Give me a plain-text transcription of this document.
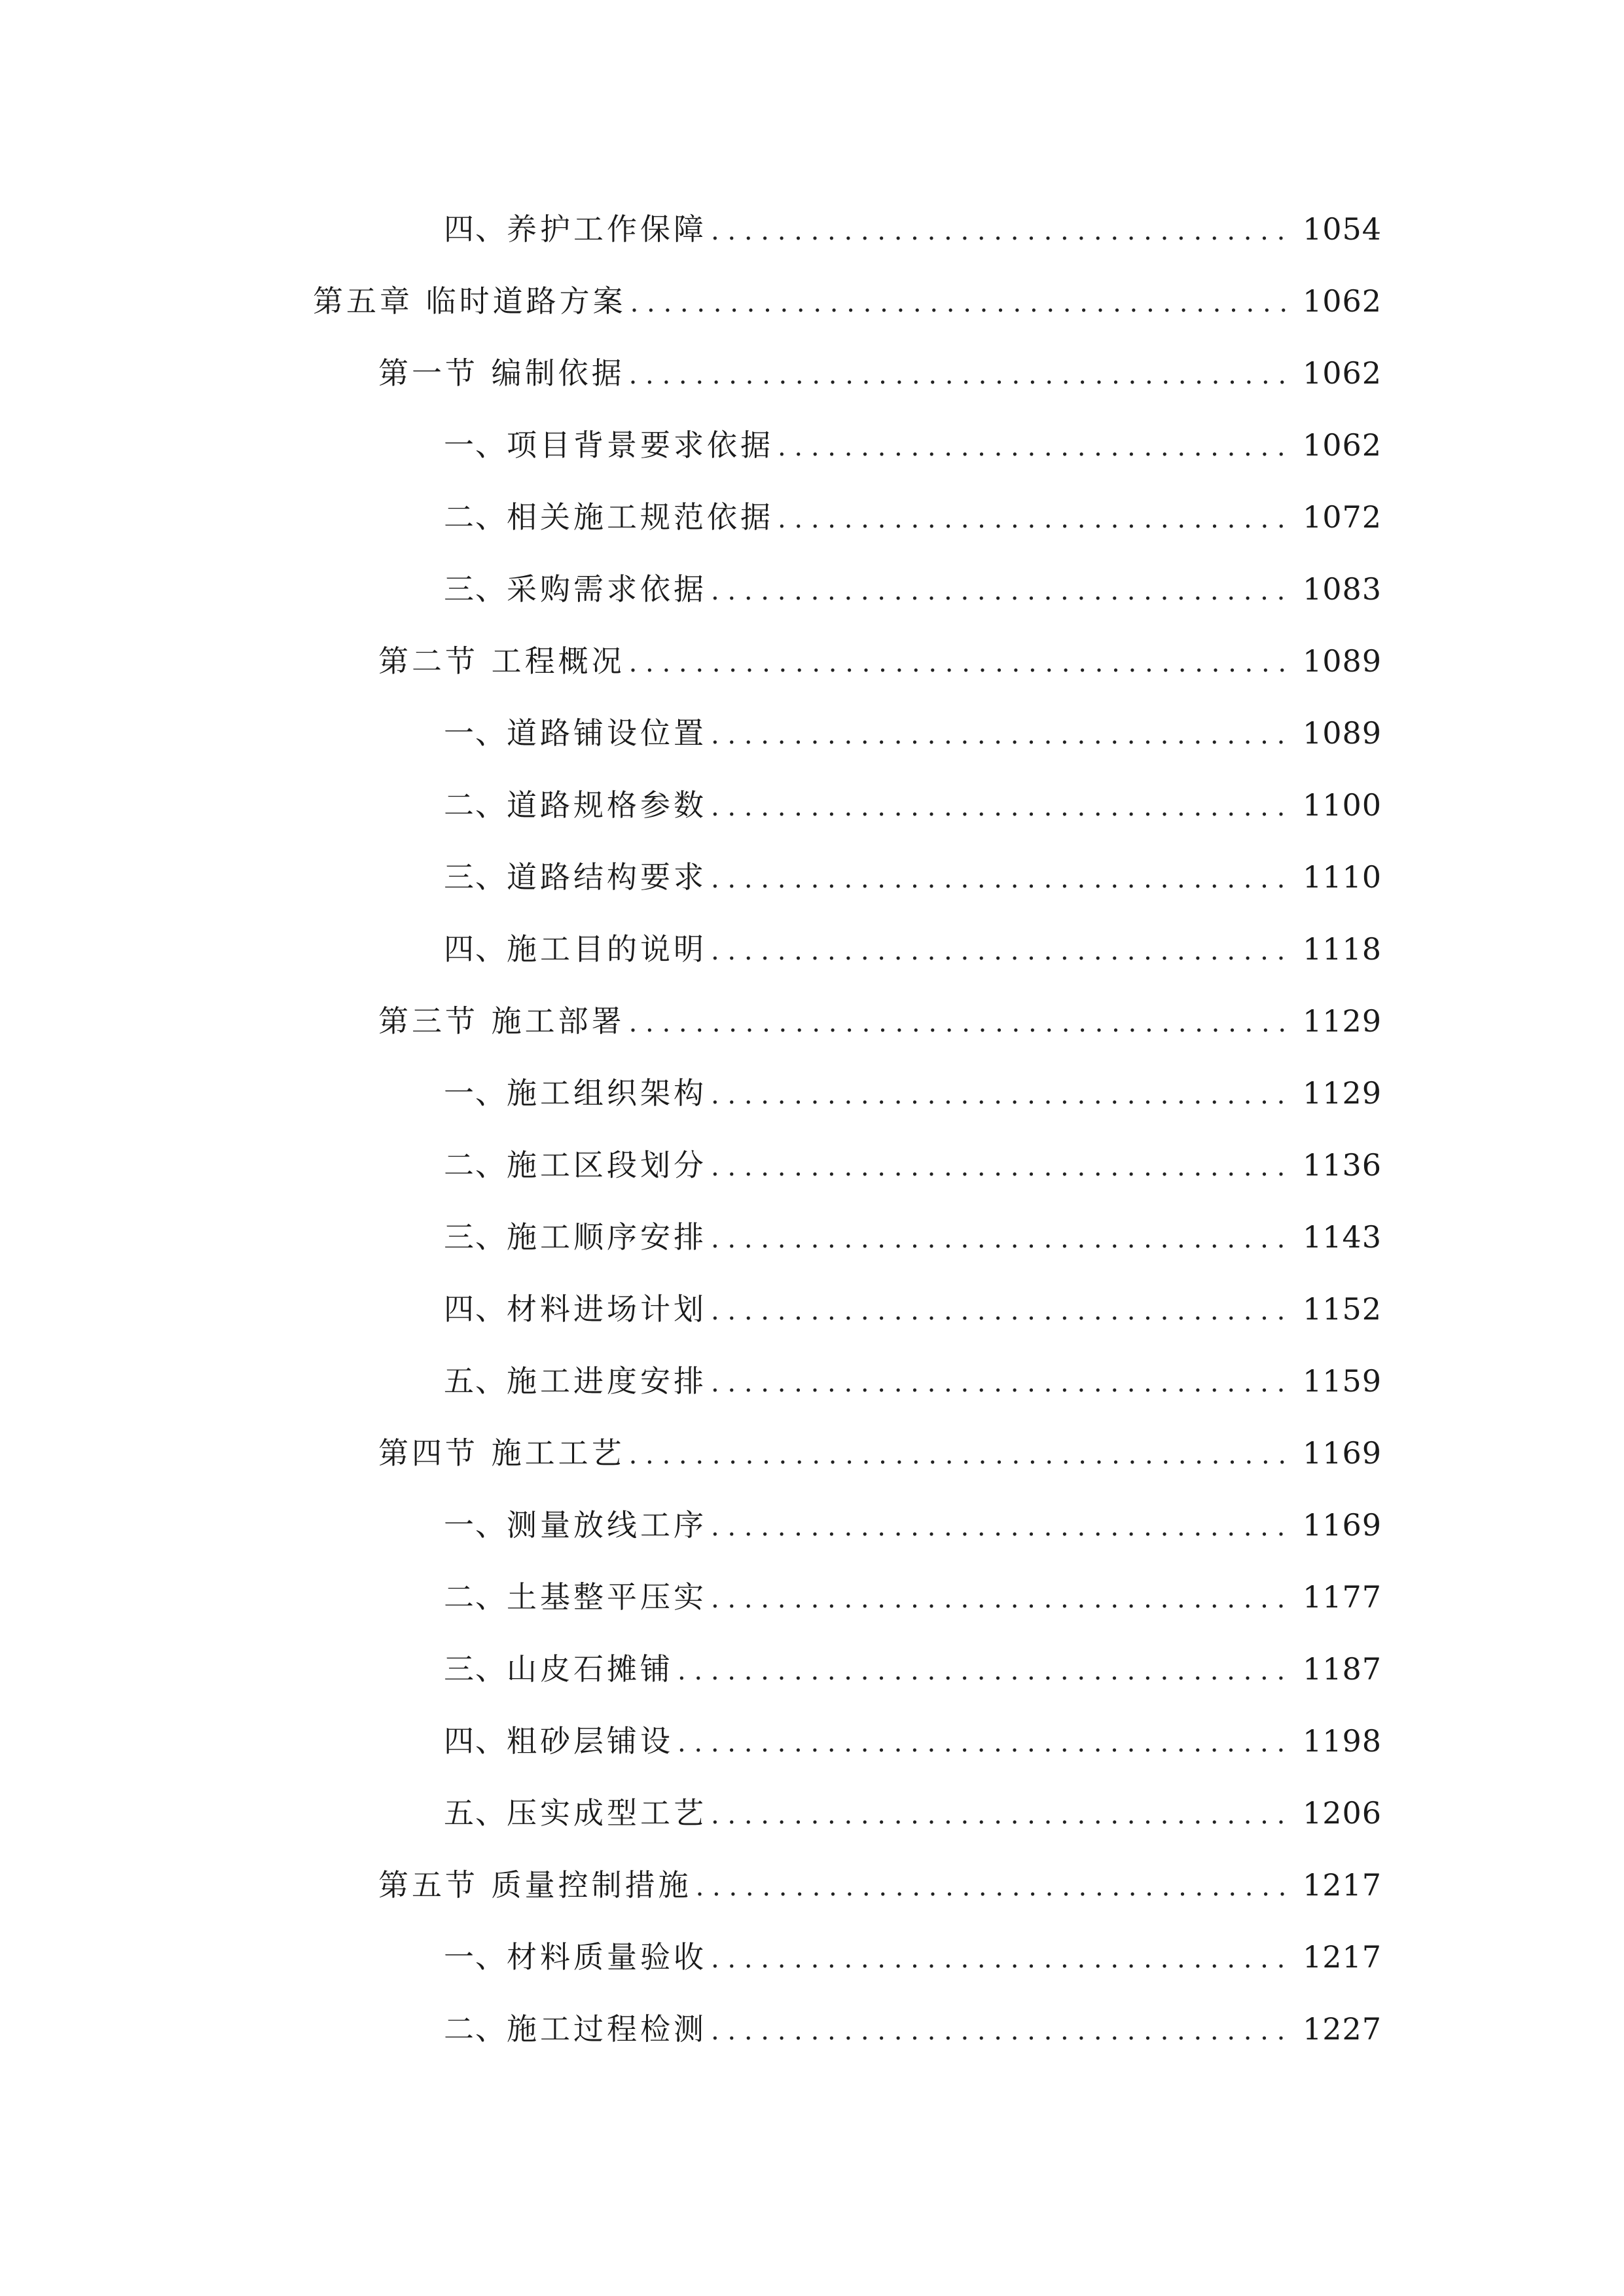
四、 养护工作保障 . . .	1054
第五章 临时道路方案 . . .	1062
第一节 编制依据 . . .	1062
一、 项目背景要求依据 . . .	1062
二、 相关施工规范依据 . . .	1072
三、 采购需求依据 . . .	1083
第二节 工程概况 . . .	1089
一、 道路铺设位置 . . .	1089
二、 道路规格参数 . . .	1100
三、 道路结构要求 . . .	1110
四、 施工目的说明 . . .	1118
第三节 施工部署 . . .	1129
一、 施工组织架构 . . .	1129
二、 施工区段划分 . . .	1136
三、 施工顺序安排 . . .	1143
四、 材料进场计划 . . .	1152
五、 施工进度安排 . . .	1159
第四节 施工工艺 . . .	1169
一、 测量放线工序 . . .	1169
二、 土基整平压实 . . .	1177
三、 山皮石摊铺 . . .	1187
四、 粗砂层铺设 . . .	1198
五、 压实成型工艺 . . .	1206
第五节 质量控制措施 . . .	1217
一、 材料质量验收 . . .	1217
二、 施工过程检测 . . .	1227
